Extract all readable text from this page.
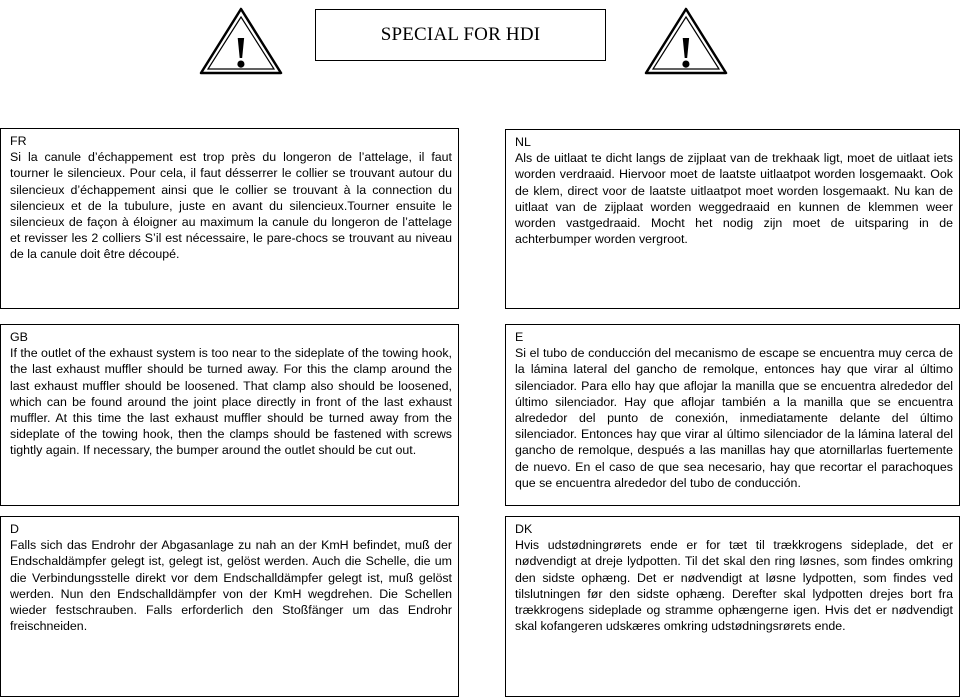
!	SPECIAL FOR HDI	!
FR
Si la canule d’échappement est trop près du longeron de l’attelage, il faut tourner le silencieux. Pour cela, il faut désserrer le collier se trouvant autour du silencieux d’échappement ainsi que le collier se trouvant à la connection du silencieux et de la tubulure, juste en avant du silencieux.Tourner ensuite le silencieux de façon à éloigner au maximum la canule du longeron de l’attelage et revisser les 2 colliers S’il est nécessaire, le pare-chocs se trouvant au niveau de la canule doit être découpé.
NL
Als de uitlaat te dicht langs de zijplaat van de trekhaak ligt, moet de uitlaat iets worden verdraaid. Hiervoor moet de laatste uitlaatpot worden losgemaakt. Ook de klem, direct voor de laatste uitlaatpot moet worden losgemaakt. Nu kan de uitlaat van de zijplaat worden weggedraaid en kunnen de klemmen weer worden vastgedraaid. Mocht het nodig zijn moet de uitsparing in de achterbumper worden vergroot.
GB
If the outlet of the exhaust system is too near to the sideplate of the towing hook, the last exhaust muffler should be turned away. For this the clamp around the last exhaust muffler should be loosened. That clamp also should be loosened, which can be found around the joint place directly in front of the last exhaust muffler. At this time the last exhaust muffler should be turned away from the sideplate of the towing hook, then the clamps should be fastened with screws tightly again. If necessary, the bumper around the outlet should be cut out.
E
Si el tubo de conducción del mecanismo de escape se encuentra muy cerca de la lámina lateral del gancho de remolque, entonces hay que virar al último silenciador. Para ello hay que aflojar la manilla que se encuentra alrededor del último silenciador. Hay que aflojar también a la manilla que se encuentra alrededor del punto de conexión, inmediatamente delante del último silenciador. Entonces hay que virar al último silenciador de la lámina lateral del gancho de remolque, después a las manillas hay que atornillarlas fuertemente de nuevo. En el caso de que sea necesario, hay que recortar el parachoques que se encuentra alrededor del tubo de conducción.
D
Falls sich das Endrohr der Abgasanlage zu nah an der KmH befindet, muß der Endschaldämpfer gelegt ist, gelegt ist, gelöst werden. Auch die Schelle, die um die Verbindungsstelle direkt vor dem Endschalldämpfer gelegt ist, muß gelöst werden. Nun den Endschalldämpfer von der KmH wegdrehen. Die Schellen wieder festschrauben. Falls erforderlich den Stoßfänger um das Endrohr freischneiden.
DK
Hvis udstødningrørets ende er for tæt til trækkrogens sideplade, det er nødvendigt at dreje lydpotten. Til det skal den ring løsnes, som findes omkring den sidste ophæng. Det er nødvendigt at løsne lydpotten, som findes ved tilslutningen før den sidste ophæng. Derefter skal lydpotten drejes bort fra trækkrogens sideplade og stramme ophængerne igen. Hvis det er nødvendigt skal kofangeren udskæres omkring udstødningsrørets ende.
